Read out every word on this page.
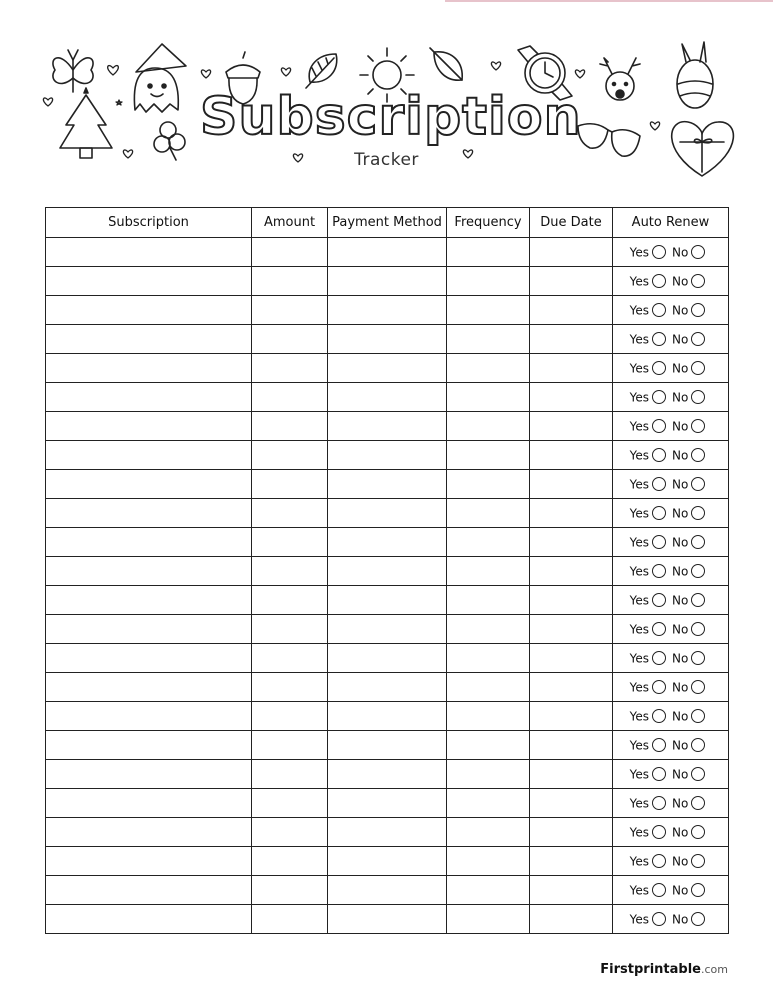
Subscription
Tracker
Subscription	Amount	Payment Method	Frequency	Due Date	Auto Renew
					Yes No
					Yes No
					Yes No
					Yes No
					Yes No
					Yes No
					Yes No
					Yes No
					Yes No
					Yes No
					Yes No
					Yes No
					Yes No
					Yes No
					Yes No
					Yes No
					Yes No
					Yes No
					Yes No
					Yes No
					Yes No
					Yes No
					Yes No
					Yes No
Firstprintable.com
